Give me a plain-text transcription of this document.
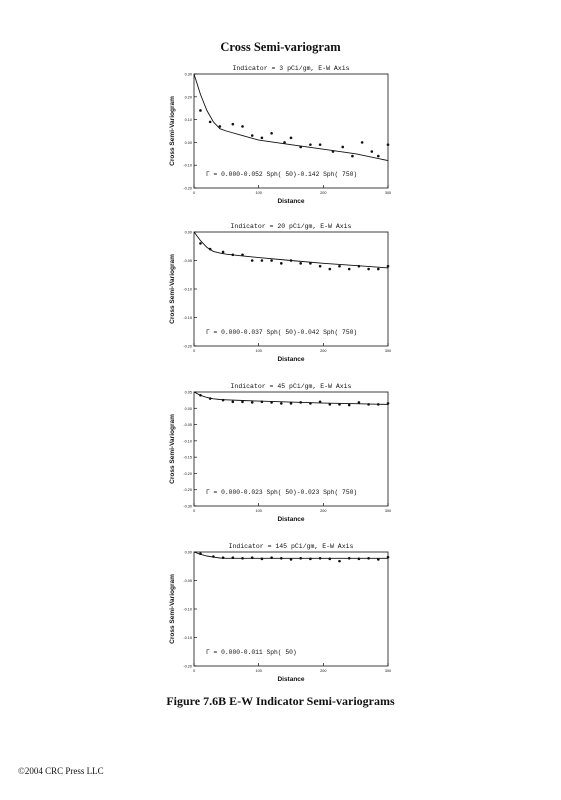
Cross Semi-variogram
Indicator = 3 pCi/gm, E-W Axis
-0.20
-0.10
0.00
0.10
0.20
0.30
0	100	200	300
Distance
Cross Semi-Variogram
Γ = 0.000-0.052 Sph( 50)-0.142 Sph( 750)
Indicator = 20 pCi/gm, E-W Axis
-0.20
-0.15
-0.10
-0.05
0.00
0	100	200	300
Distance
Cross Semi-Variogram
Γ = 0.000-0.037 Sph( 50)-0.042 Sph( 750)
Indicator = 45 pCi/gm, E-W Axis
-0.30
-0.25
-0.20
-0.15
-0.10
-0.05
0.00
0.05
0	100	200	300
Distance
Cross Semi-Variogram
Γ = 0.000-0.023 Sph( 50)-0.023 Sph( 750)
Indicator = 145 pCi/gm, E-W Axis
-0.20
-0.15
-0.10
-0.05
0.00
0	100	200	300
Distance
Cross Semi-Variogram
Γ = 0.000-0.011 Sph( 50)
Figure 7.6B E-W Indicator Semi-variograms
©2004 CRC Press LLC
